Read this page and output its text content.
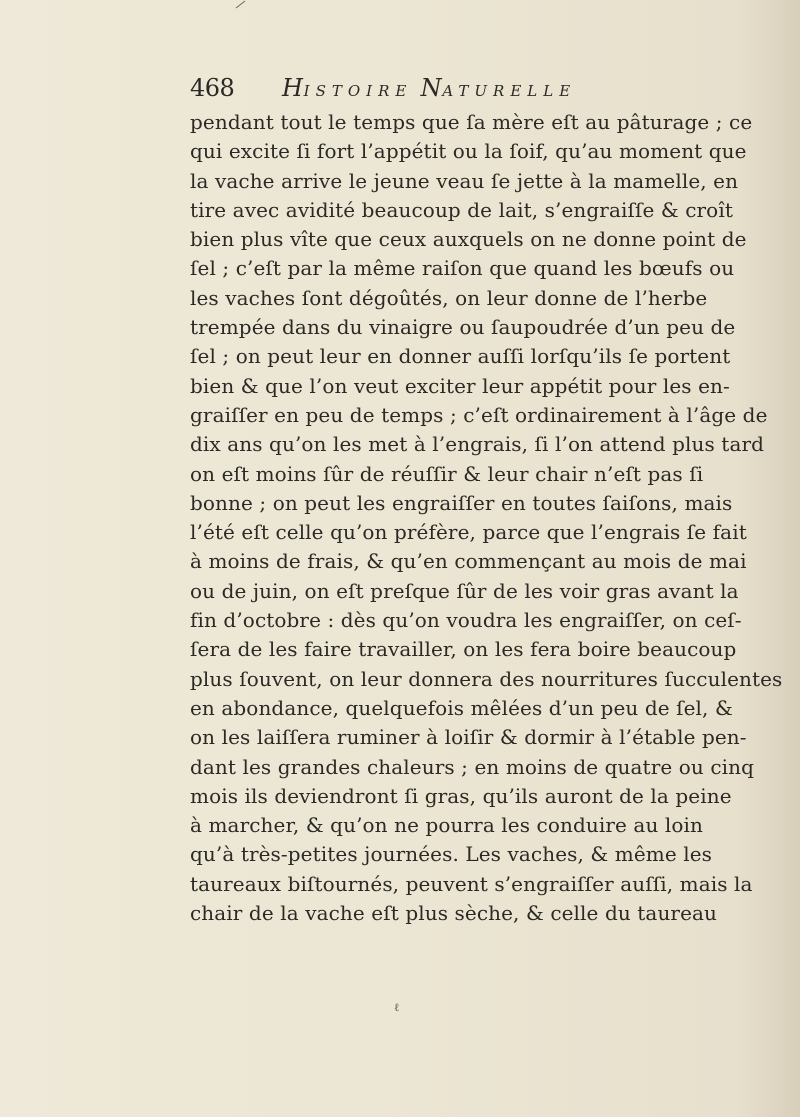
468 HISTOIRE NATURELLE
pendant tout le temps que ſa mère eſt au pâturage ; ce
qui excite ſi fort l’appétit ou la ſoif, qu’au moment que
la vache arrive le jeune veau ſe jette à la mamelle, en
tire avec avidité beaucoup de lait, s’engraiſſe & croît
bien plus vîte que ceux auxquels on ne donne point de
ſel ; c’eſt par la même raiſon que quand les bœufs ou
les vaches ſont dégoûtés, on leur donne de l’herbe
trempée dans du vinaigre ou ſaupoudrée d’un peu de
ſel ; on peut leur en donner auſſi lorſqu’ils ſe portent
bien & que l’on veut exciter leur appétit pour les en-
graiſſer en peu de temps ; c’eſt ordinairement à l’âge de
dix ans qu’on les met à l’engrais, ſi l’on attend plus tard
on eſt moins ſûr de réuſſir & leur chair n’eſt pas ſi
bonne ; on peut les engraiſſer en toutes ſaiſons, mais
l’été eſt celle qu’on préfère, parce que l’engrais ſe fait
à moins de frais, & qu’en commençant au mois de mai
ou de juin, on eſt preſque ſûr de les voir gras avant la
fin d’octobre : dès qu’on voudra les engraiſſer, on ceſ-
ſera de les faire travailler, on les fera boire beaucoup
plus ſouvent, on leur donnera des nourritures ſucculentes
en abondance, quelquefois mêlées d’un peu de ſel, &
on les laiſſera ruminer à loiſir & dormir à l’étable pen-
dant les grandes chaleurs ; en moins de quatre ou cinq
mois ils deviendront ſi gras, qu’ils auront de la peine
à marcher, & qu’on ne pourra les conduire au loin
qu’à très-petites journées. Les vaches, & même les
taureaux biſtournés, peuvent s’engraiſſer auſſi, mais la
chair de la vache eſt plus sèche, & celle du taureau
ℓ
